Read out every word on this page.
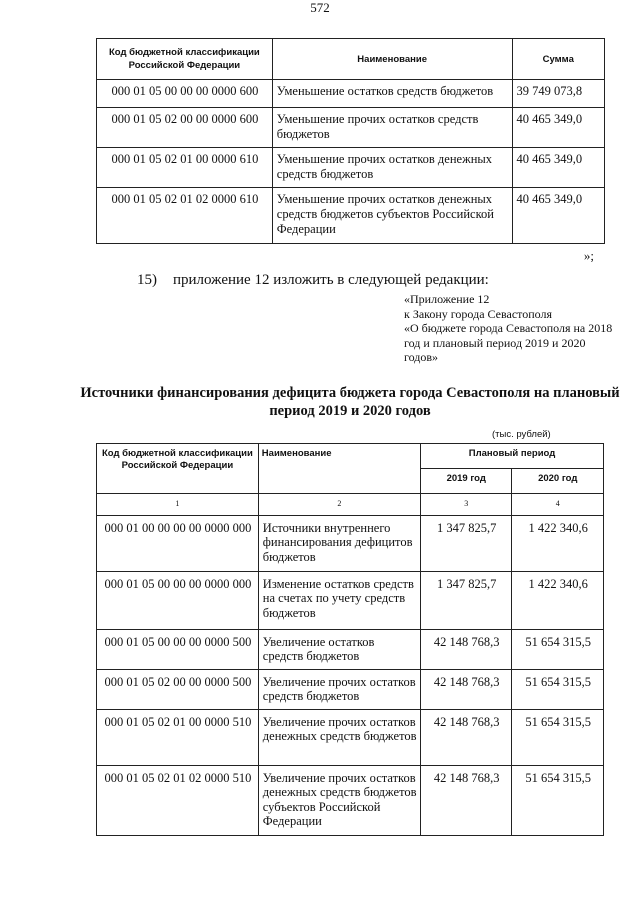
572
Код бюджетной классификации Российской Федерации	Наименование	Сумма
000 01 05 00 00 00 0000 600	Уменьшение остатков средств бюджетов	39 749 073,8
000 01 05 02 00 00 0000 600	Уменьшение прочих остатков средств бюджетов	40 465 349,0
000 01 05 02 01 00 0000 610	Уменьшение прочих остатков денежных средств бюджетов	40 465 349,0
000 01 05 02 01 02 0000 610	Уменьшение прочих остатков денежных средств бюджетов субъектов Российской Федерации	40 465 349,0
»;
15) приложение 12 изложить в следующей редакции:
«Приложение 12
к Закону города Севастополя
«О бюджете города Севастополя на 2018 год и плановый период 2019 и 2020 годов»
Источники финансирования дефицита бюджета города Севастополя на плановый период 2019 и 2020 годов
(тыс. рублей)
Код бюджетной классификации Российской Федерации	Наименование	Плановый период	
		2019 год	2020 год
1	2	3	4
000 01 00 00 00 00 0000 000	Источники внутреннего финансирования дефицитов бюджетов	1 347 825,7	1 422 340,6
000 01 05 00 00 00 0000 000	Изменение остатков средств на счетах по учету средств бюджетов	1 347 825,7	1 422 340,6
000 01 05 00 00 00 0000 500	Увеличение остатков средств бюджетов	42 148 768,3	51 654 315,5
000 01 05 02 00 00 0000 500	Увеличение прочих остатков средств бюджетов	42 148 768,3	51 654 315,5
000 01 05 02 01 00 0000 510	Увеличение прочих остатков денежных средств бюджетов	42 148 768,3	51 654 315,5
000 01 05 02 01 02 0000 510	Увеличение прочих остатков денежных средств бюджетов субъектов Российской Федерации	42 148 768,3	51 654 315,5
